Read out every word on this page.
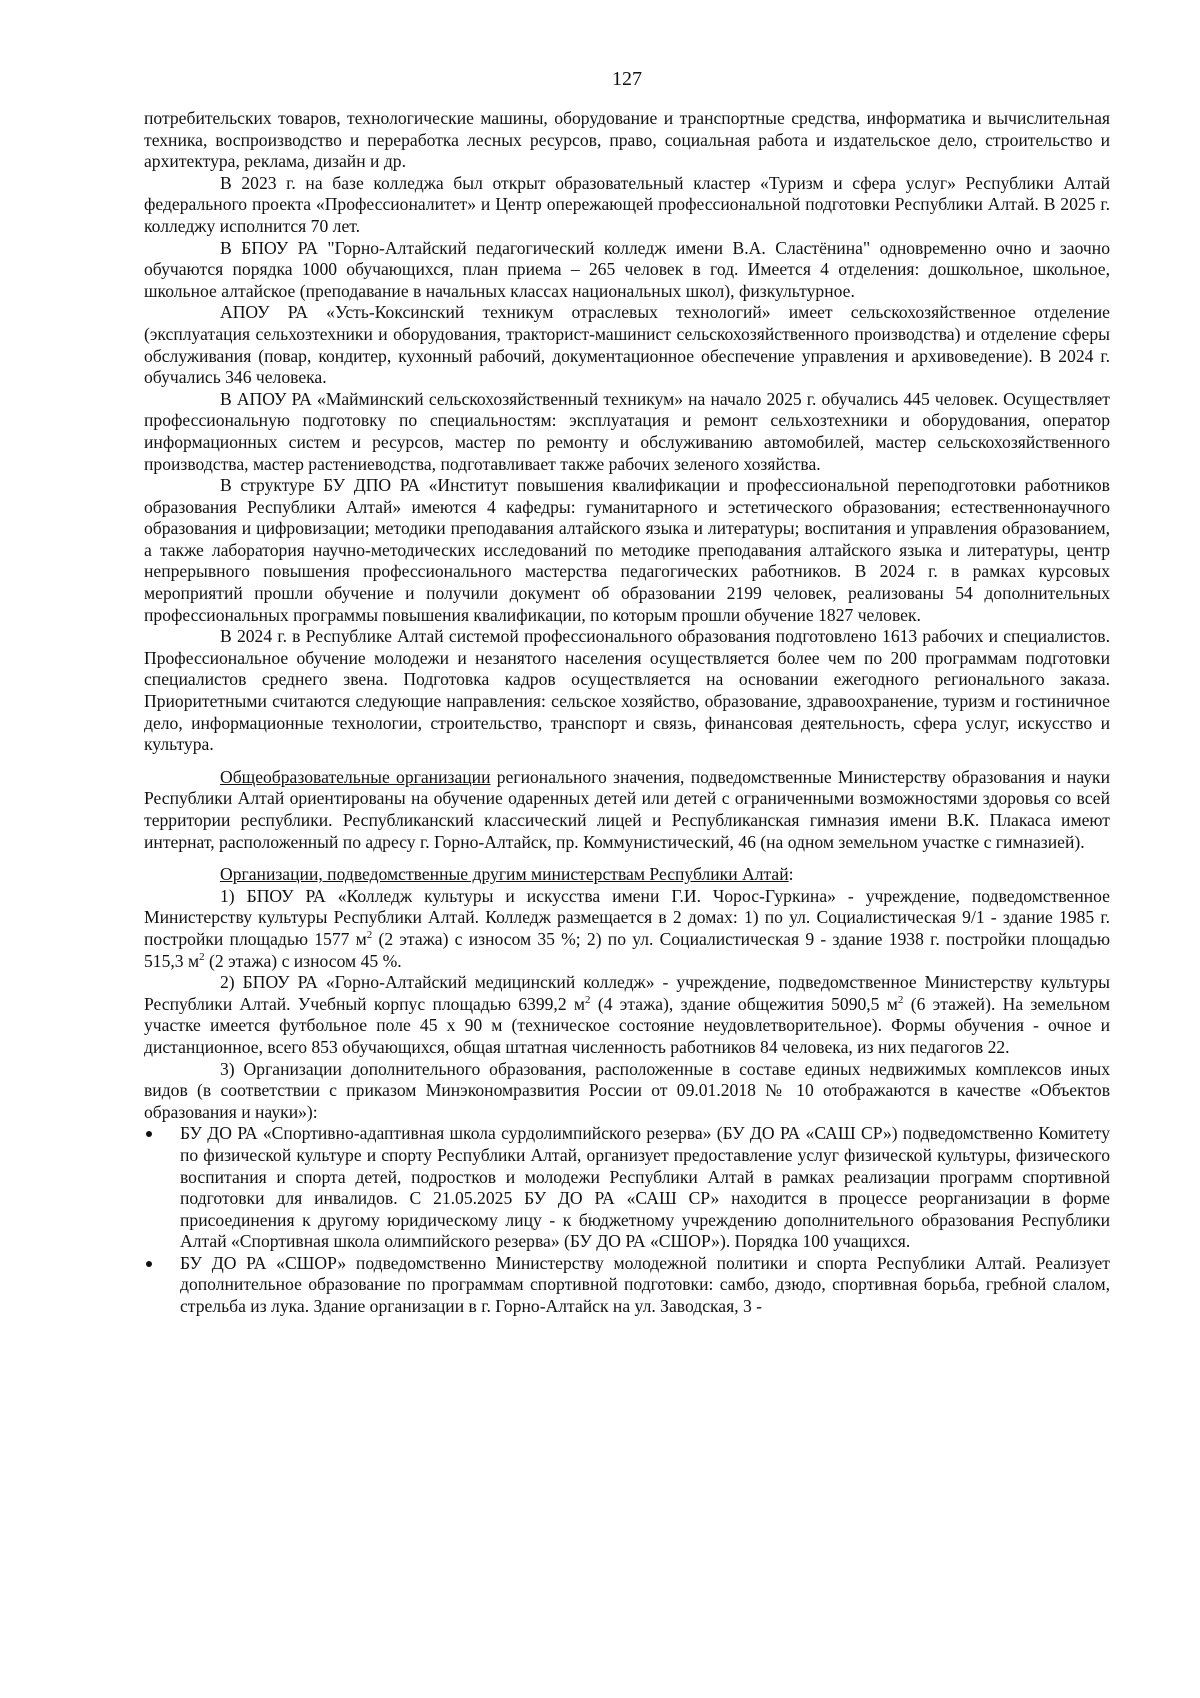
127

потребительских товаров, технологические машины, оборудование и транспортные средства, информатика и вычислительная техника, воспроизводство и переработка лесных ресурсов, право, социальная работа и издательское дело, строительство и архитектура, реклама, дизайн и др.

В 2023 г. на базе колледжа был открыт образовательный кластер «Туризм и сфера услуг» Республики Алтай федерального проекта «Профессионалитет» и Центр опережающей профессиональной подготовки Республики Алтай. В 2025 г. колледжу исполнится 70 лет.

В БПОУ РА "Горно-Алтайский педагогический колледж имени В.А. Сластёнина" одновременно очно и заочно обучаются порядка 1000 обучающихся, план приема – 265 человек в год. Имеется 4 отделения: дошкольное, школьное, школьное алтайское (преподавание в начальных классах национальных школ), физкультурное.

АПОУ РА «Усть-Коксинский техникум отраслевых технологий» имеет сельскохозяйственное отделение (эксплуатация сельхозтехники и оборудования, тракторист-машинист сельскохозяйственного производства) и отделение сферы обслуживания (повар, кондитер, кухонный рабочий, документационное обеспечение управления и архивоведение). В 2024 г. обучались 346 человека.

В АПОУ РА «Майминский сельскохозяйственный техникум» на начало 2025 г. обучались 445 человек. Осуществляет профессиональную подготовку по специальностям: эксплуатация и ремонт сельхозтехники и оборудования, оператор информационных систем и ресурсов, мастер по ремонту и обслуживанию автомобилей, мастер сельскохозяйственного производства, мастер растениеводства, подготавливает также рабочих зеленого хозяйства.

В структуре БУ ДПО РА «Институт повышения квалификации и профессиональной переподготовки работников образования Республики Алтай» имеются 4 кафедры: гуманитарного и эстетического образования; естественнонаучного образования и цифровизации; методики преподавания алтайского языка и литературы; воспитания и управления образованием, а также лаборатория научно-методических исследований по методике преподавания алтайского языка и литературы, центр непрерывного повышения профессионального мастерства педагогических работников. В 2024 г. в рамках курсовых мероприятий прошли обучение и получили документ об образовании 2199 человек, реализованы 54 дополнительных профессиональных программы повышения квалификации, по которым прошли обучение 1827 человек.

В 2024 г. в Республике Алтай системой профессионального образования подготовлено 1613 рабочих и специалистов. Профессиональное обучение молодежи и незанятого населения осуществляется более чем по 200 программам подготовки специалистов среднего звена. Подготовка кадров осуществляется на основании ежегодного регионального заказа. Приоритетными считаются следующие направления: сельское хозяйство, образование, здравоохранение, туризм и гостиничное дело, информационные технологии, строительство, транспорт и связь, финансовая деятельность, сфера услуг, искусство и культура.

Общеобразовательные организации регионального значения, подведомственные Министерству образования и науки Республики Алтай ориентированы на обучение одаренных детей или детей с ограниченными возможностями здоровья со всей территории республики. Республиканский классический лицей и Республиканская гимназия имени В.К. Плакаса имеют интернат, расположенный по адресу г. Горно-Алтайск, пр. Коммунистический, 46 (на одном земельном участке с гимназией).

Организации, подведомственные другим министерствам Республики Алтай:

1) БПОУ РА «Колледж культуры и искусства имени Г.И. Чорос-Гуркина» - учреждение, подведомственное Министерству культуры Республики Алтай. Колледж размещается в 2 домах: 1) по ул. Социалистическая 9/1 - здание 1985 г. постройки площадью 1577 $м^2$ (2 этажа) с износом 35 %; 2) по ул. Социалистическая 9 - здание 1938 г. постройки площадью 515,3 $м^2$ (2 этажа) с износом 45 %.

2) БПОУ РА «Горно-Алтайский медицинский колледж» - учреждение, подведомственное Министерству культуры Республики Алтай. Учебный корпус площадью 6399,2 $м^2$ (4 этажа), здание общежития 5090,5 $м^2$ (6 этажей). На земельном участке имеется футбольное поле 45 х 90 м (техническое состояние неудовлетворительное). Формы обучения - очное и дистанционное, всего 853 обучающихся, общая штатная численность работников 84 человека, из них педагогов 22.

3) Организации дополнительного образования, расположенные в составе единых недвижимых комплексов иных видов (в соответствии с приказом Минэкономразвития России от 09.01.2018 № 10 отображаются в качестве «Объектов образования и науки»):

БУ ДО РА «Спортивно-адаптивная школа сурдолимпийского резерва» (БУ ДО РА «САШ СР») подведомственно Комитету по физической культуре и спорту Республики Алтай, организует предоставление услуг физической культуры, физического воспитания и спорта детей, подростков и молодежи Республики Алтай в рамках реализации программ спортивной подготовки для инвалидов. С 21.05.2025 БУ ДО РА «САШ СР» находится в процессе реорганизации в форме присоединения к другому юридическому лицу - к бюджетному учреждению дополнительного образования Республики Алтай «Спортивная школа олимпийского резерва» (БУ ДО РА «СШОР»). Порядка 100 учащихся.
БУ ДО РА «СШОР» подведомственно Министерству молодежной политики и спорта Республики Алтай. Реализует дополнительное образование по программам спортивной подготовки: самбо, дзюдо, спортивная борьба, гребной слалом, стрельба из лука. Здание организации в г. Горно-Алтайск на ул. Заводская, 3 -
